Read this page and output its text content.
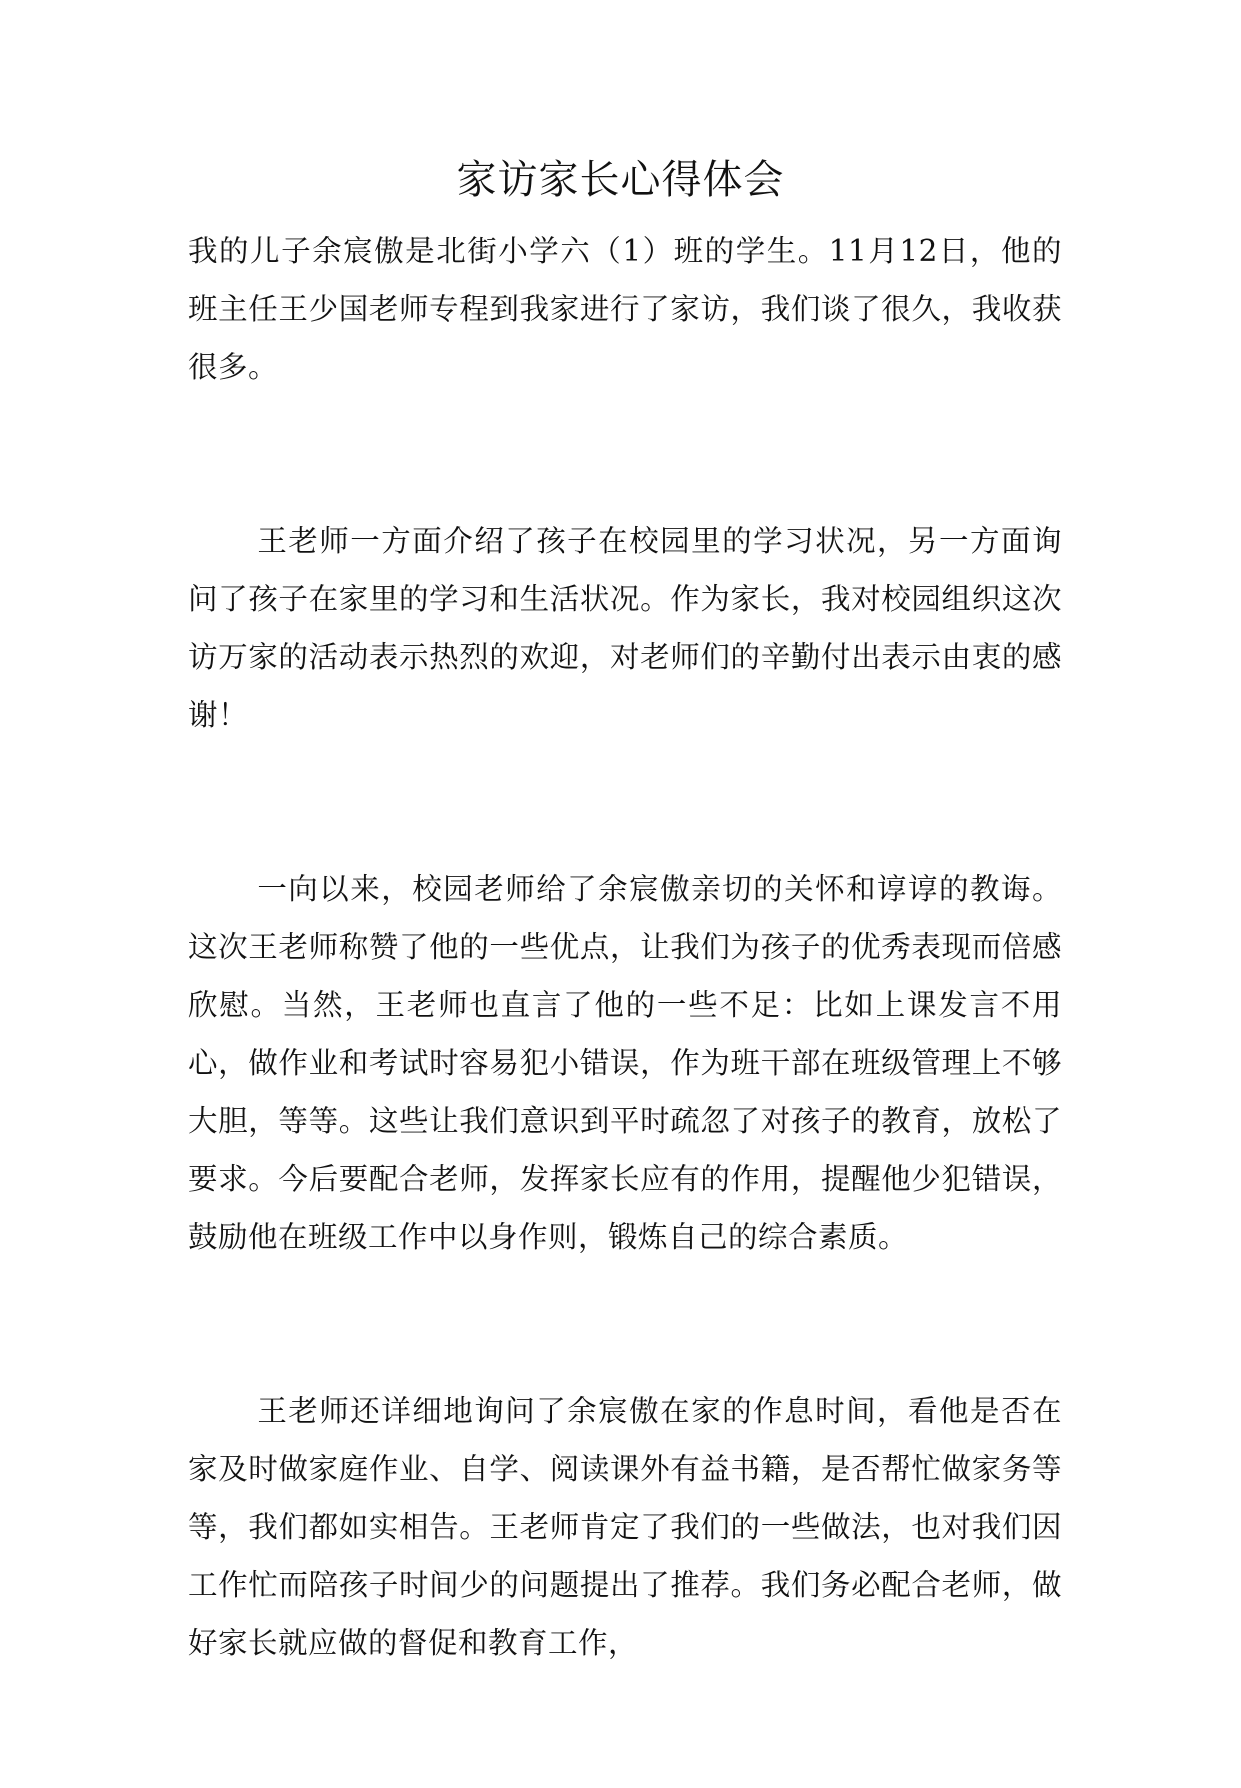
家访家长心得体会

我的儿子余宸傲是北街小学六（1）班的学生。11月12日，他的班主任王少国老师专程到我家进行了家访，我们谈了很久，我收获很多。

王老师一方面介绍了孩子在校园里的学习状况，另一方面询问了孩子在家里的学习和生活状况。作为家长，我对校园组织这次访万家的活动表示热烈的欢迎，对老师们的辛勤付出表示由衷的感谢！

一向以来，校园老师给了余宸傲亲切的关怀和谆谆的教诲。这次王老师称赞了他的一些优点，让我们为孩子的优秀表现而倍感欣慰。当然，王老师也直言了他的一些不足：比如上课发言不用心，做作业和考试时容易犯小错误，作为班干部在班级管理上不够大胆，等等。这些让我们意识到平时疏忽了对孩子的教育，放松了要求。今后要配合老师，发挥家长应有的作用，提醒他少犯错误，鼓励他在班级工作中以身作则，锻炼自己的综合素质。

王老师还详细地询问了余宸傲在家的作息时间，看他是否在家及时做家庭作业、自学、阅读课外有益书籍，是否帮忙做家务等等，我们都如实相告。王老师肯定了我们的一些做法，也对我们因工作忙而陪孩子时间少的问题提出了推荐。我们务必配合老师，做好家长就应做的督促和教育工作，
